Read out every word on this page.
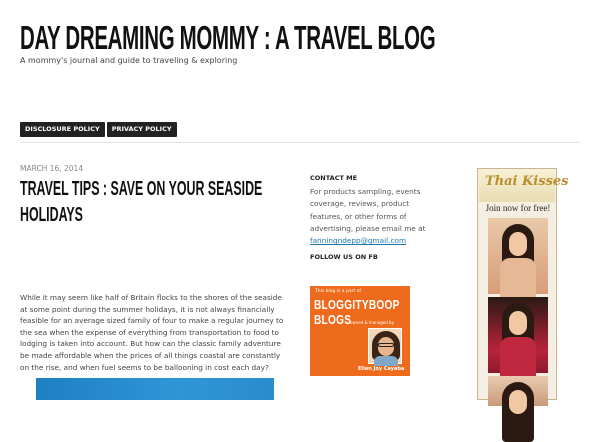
DAY DREAMING MOMMY : A TRAVEL BLOG
A mommy's journal and guide to traveling & exploring
DISCLOSURE POLICY	PRIVACY POLICY
MARCH 16, 2014
TRAVEL TIPS : SAVE ON YOUR SEASIDE HOLIDAYS

While it may seem like half of Britain flocks to the shores of the seaside at some point during the summer holidays, it is not always financially feasible for an average sized family of four to make a regular journey to the sea when the expense of everything from transportation to food to lodging is taken into account. But how can the classic family adventure be made affordable when the prices of all things coastal are constantly on the rise, and when fuel seems to be ballooning in cost each day?

CONTACT ME

For products sampling, events coverage, reviews, product features, or other forms of advertising, please email me at fanningndepp@gmail.com

FOLLOW US ON FB
This blog is a part of
BLOGGITYBOOP
BLOGS
owned & managed by
Ellen Joy Cayaba
Thai Kisses
Join now for free!
